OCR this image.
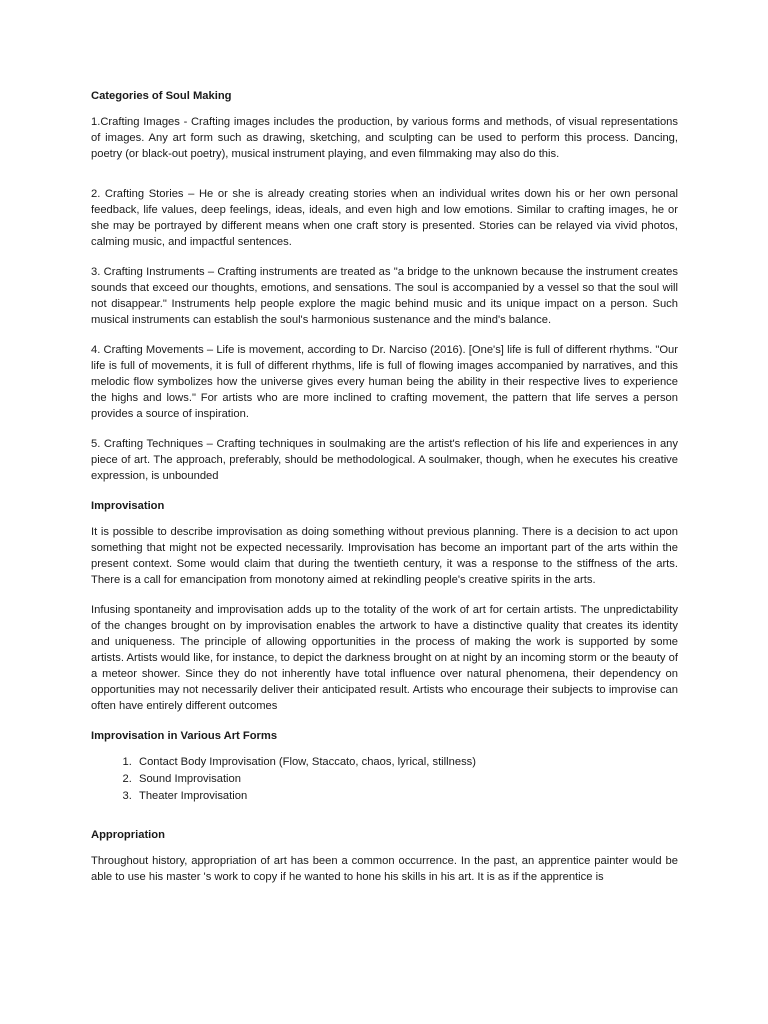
Categories of Soul Making

1.Crafting Images - Crafting images includes the production, by various forms and methods, of visual representations of images. Any art form such as drawing, sketching, and sculpting can be used to perform this process. Dancing, poetry (or black-out poetry), musical instrument playing, and even filmmaking may also do this.

2. Crafting Stories – He or she is already creating stories when an individual writes down his or her own personal feedback, life values, deep feelings, ideas, ideals, and even high and low emotions. Similar to crafting images, he or she may be portrayed by different means when one craft story is presented. Stories can be relayed via vivid photos, calming music, and impactful sentences.

3. Crafting Instruments – Crafting instruments are treated as "a bridge to the unknown because the instrument creates sounds that exceed our thoughts, emotions, and sensations. The soul is accompanied by a vessel so that the soul will not disappear." Instruments help people explore the magic behind music and its unique impact on a person. Such musical instruments can establish the soul's harmonious sustenance and the mind's balance.

4. Crafting Movements – Life is movement, according to Dr. Narciso (2016). [One's] life is full of different rhythms. "Our life is full of movements, it is full of different rhythms, life is full of flowing images accompanied by narratives, and this melodic flow symbolizes how the universe gives every human being the ability in their respective lives to experience the highs and lows." For artists who are more inclined to crafting movement, the pattern that life serves a person provides a source of inspiration.

5. Crafting Techniques – Crafting techniques in soulmaking are the artist's reflection of his life and experiences in any piece of art. The approach, preferably, should be methodological. A soulmaker, though, when he executes his creative expression, is unbounded

Improvisation

It is possible to describe improvisation as doing something without previous planning. There is a decision to act upon something that might not be expected necessarily. Improvisation has become an important part of the arts within the present context. Some would claim that during the twentieth century, it was a response to the stiffness of the arts. There is a call for emancipation from monotony aimed at rekindling people's creative spirits in the arts.

Infusing spontaneity and improvisation adds up to the totality of the work of art for certain artists. The unpredictability of the changes brought on by improvisation enables the artwork to have a distinctive quality that creates its identity and uniqueness. The principle of allowing opportunities in the process of making the work is supported by some artists. Artists would like, for instance, to depict the darkness brought on at night by an incoming storm or the beauty of a meteor shower. Since they do not inherently have total influence over natural phenomena, their dependency on opportunities may not necessarily deliver their anticipated result. Artists who encourage their subjects to improvise can often have entirely different outcomes

Improvisation in Various Art Forms
1. Contact Body Improvisation (Flow, Staccato, chaos, lyrical, stillness)
2. Sound Improvisation
3. Theater Improvisation
Appropriation

Throughout history, appropriation of art has been a common occurrence. In the past, an apprentice painter would be able to use his master 's work to copy if he wanted to hone his skills in his art. It is as if the apprentice is
